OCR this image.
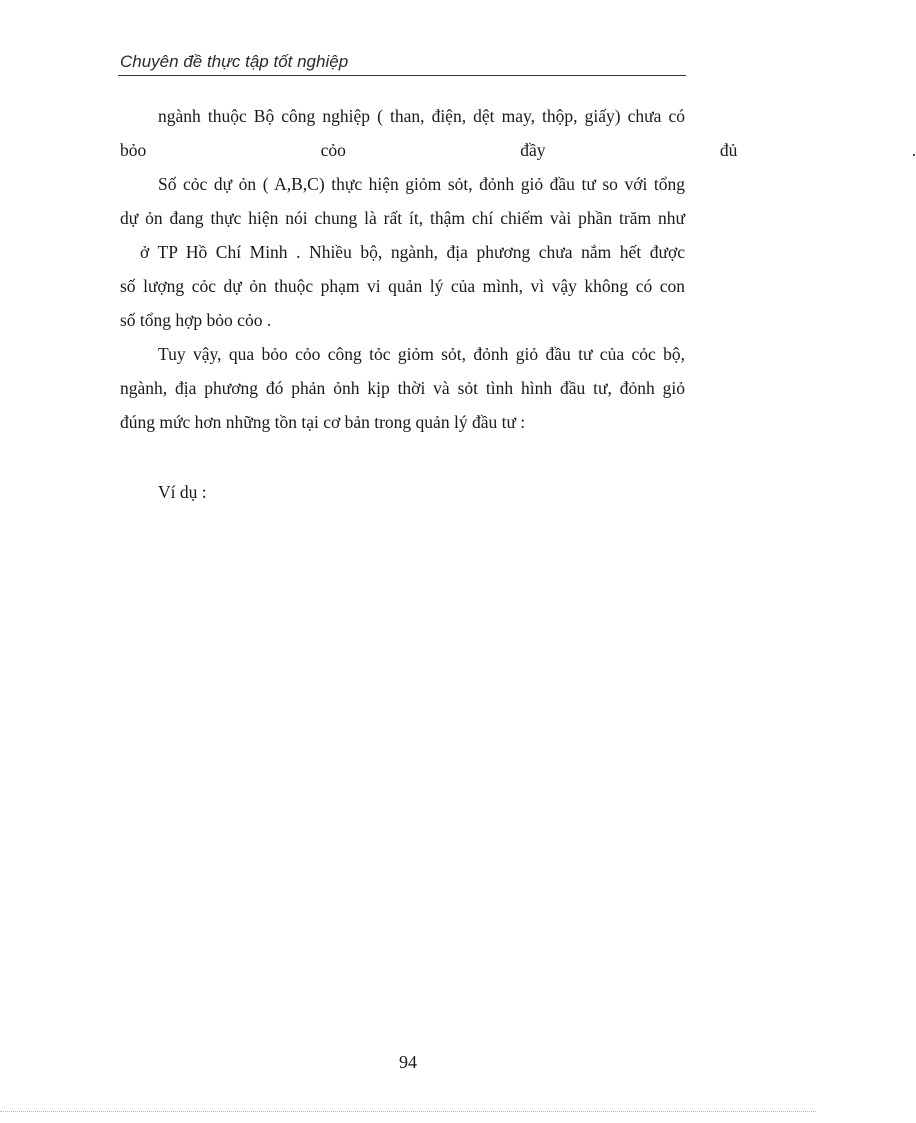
Chuyên đề thực tập tốt nghiệp
ngành thuộc Bộ công nghiệp ( than, điện, dệt may, thộp, giấy) chưa có
bỏo cỏo đầy đủ .
Số cỏc dự ỏn ( A,B,C) thực hiện giỏm sỏt, đỏnh giỏ đầu tư so với tổng
dự ỏn đang thực hiện nói chung là rất ít, thậm chí chiếm vài phần trăm như
ở TP Hồ Chí Minh . Nhiều bộ, ngành, địa phương chưa nắm hết được
số lượng cỏc dự ỏn thuộc phạm vi quản lý của mình, vì vậy không có con
số tổng hợp bỏo cỏo .
Tuy vậy, qua bỏo cỏo công tỏc giỏm sỏt, đỏnh giỏ đầu tư của cỏc bộ,
ngành, địa phương đó phản ỏnh kịp thời và sỏt tình hình đầu tư, đỏnh giỏ
đúng mức hơn những tồn tại cơ bản trong quản lý đầu tư :
Ví dụ :
94
